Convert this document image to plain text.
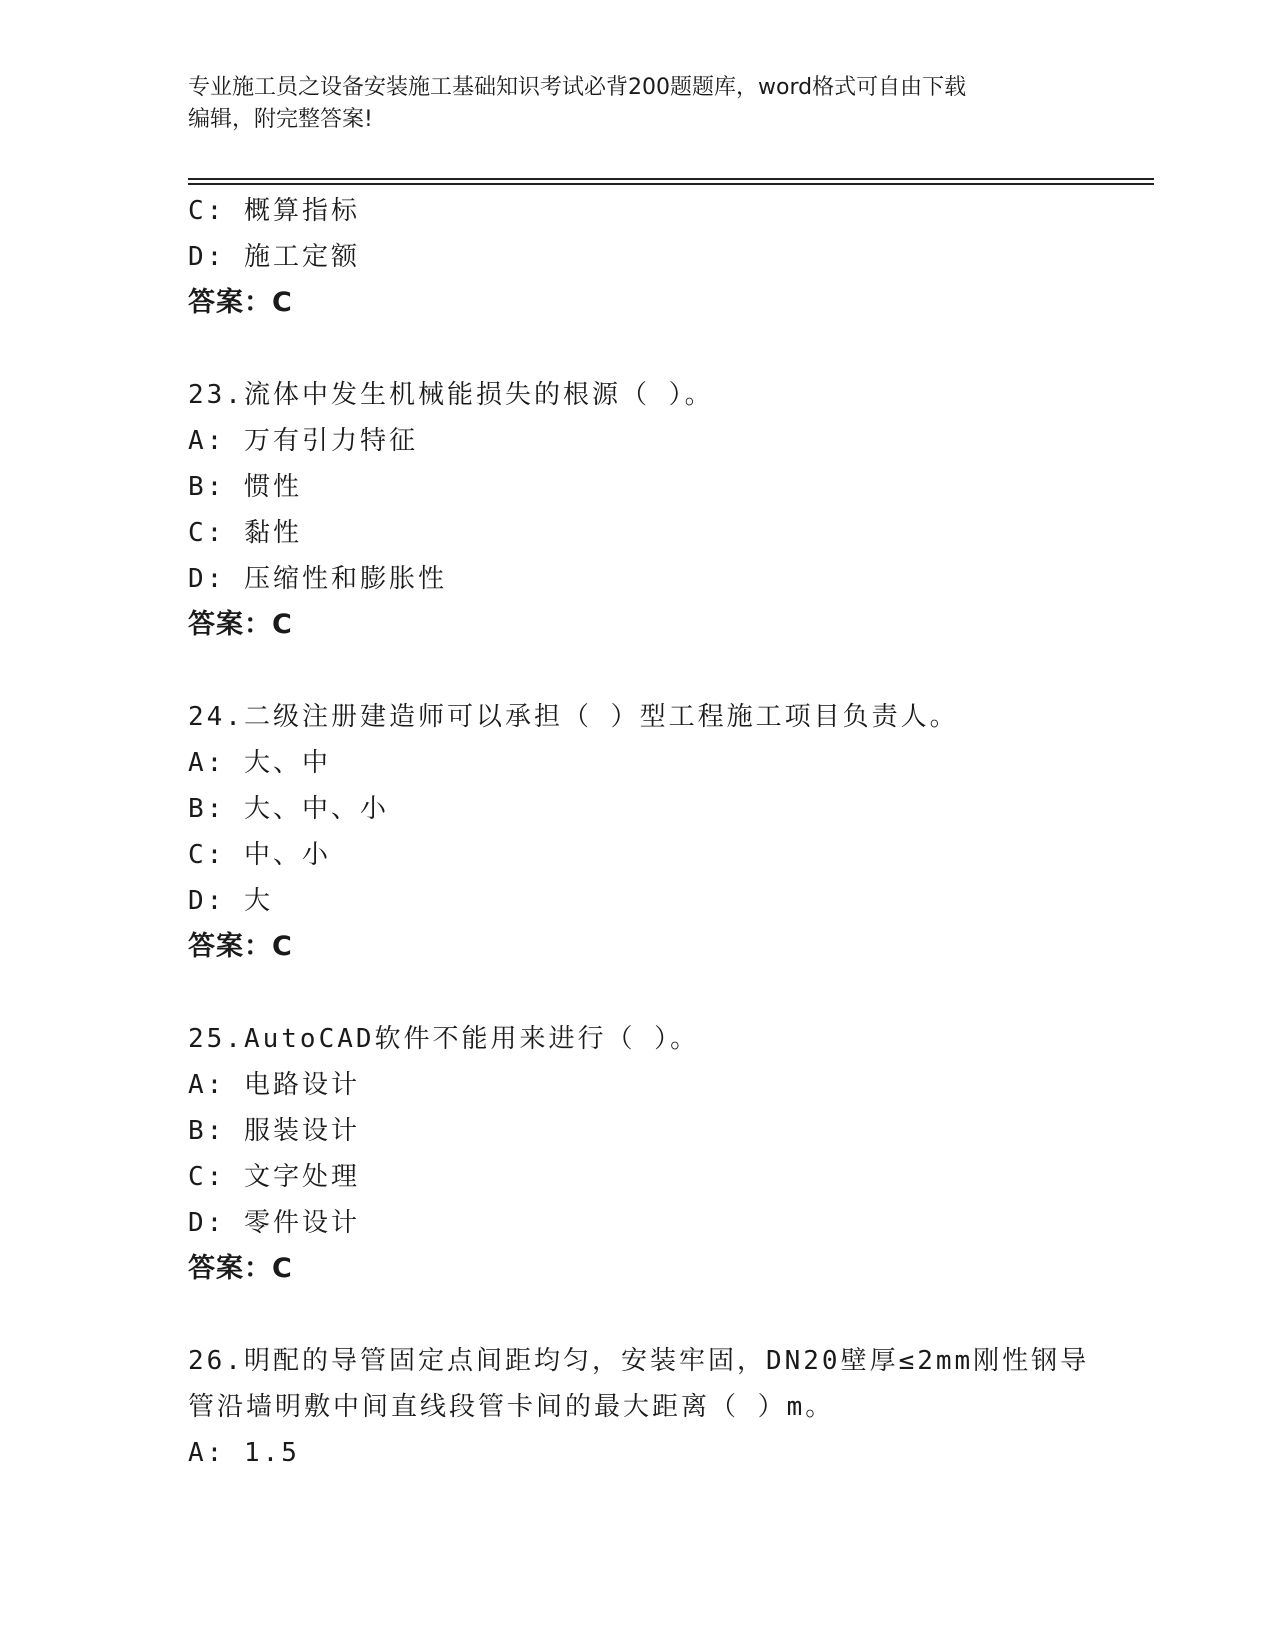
专业施工员之设备安装施工基础知识考试必背200题题库，word格式可自由下载
编辑，附完整答案!
C: 概算指标
D: 施工定额
答案：C
23.流体中发生机械能损失的根源（ ）。
A: 万有引力特征
B: 惯性
C: 黏性
D: 压缩性和膨胀性
答案：C
24.二级注册建造师可以承担（ ）型工程施工项目负责人。
A: 大、中
B: 大、中、小
C: 中、小
D: 大
答案：C
25.AutoCAD软件不能用来进行（ ）。
A: 电路设计
B: 服装设计
C: 文字处理
D: 零件设计
答案：C
26.明配的导管固定点间距均匀，安装牢固，DN20壁厚≤2mm刚性钢导
管沿墙明敷中间直线段管卡间的最大距离（ ）m。
A: 1.5
